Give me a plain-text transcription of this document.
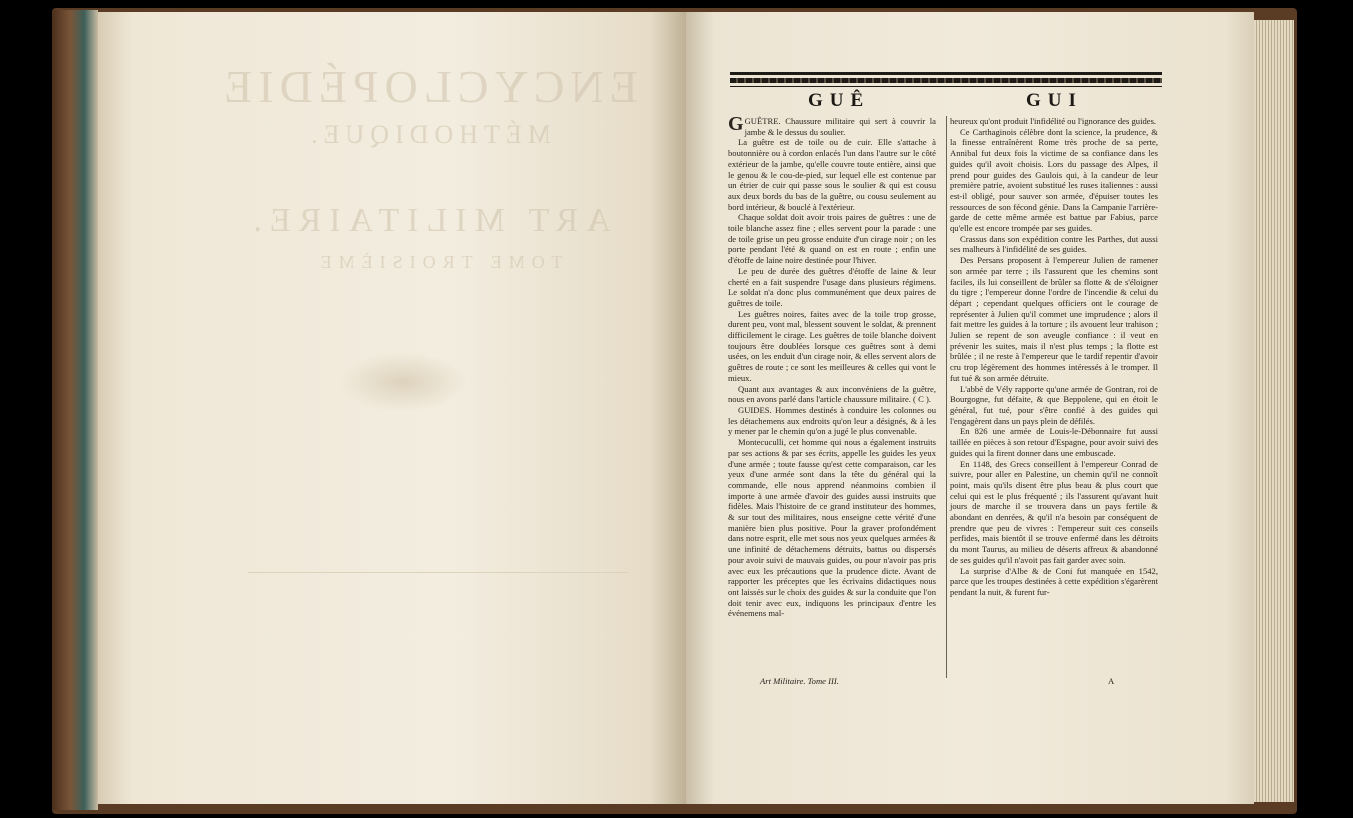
ENCYCLOPÉDIE
MÉTHODIQUE.
ART MILITAIRE.
TOME TROISIÈME
GUÊ	GUI

GGUÊTRE. Chaussure militaire qui sert à couvrir la jambe & le dessus du soulier.

La guêtre est de toile ou de cuir. Elle s'attache à boutonnière ou à cordon enlacés l'un dans l'autre sur le côté extérieur de la jambe, qu'elle couvre toute entière, ainsi que le genou & le cou-de-pied, sur lequel elle est contenue par un étrier de cuir qui passe sous le soulier & qui est cousu aux deux bords du bas de la guêtre, ou cousu seulement au bord intérieur, & bouclé à l'extérieur.

Chaque soldat doit avoir trois paires de guêtres : une de toile blanche assez fine ; elles servent pour la parade : une de toile grise un peu grosse enduite d'un cirage noir ; on les porte pendant l'été & quand on est en route ; enfin une d'étoffe de laine noire destinée pour l'hiver.

Le peu de durée des guêtres d'étoffe de laine & leur cherté en a fait suspendre l'usage dans plusieurs régimens. Le soldat n'a donc plus communément que deux paires de guêtres de toile.

Les guêtres noires, faites avec de la toile trop grosse, durent peu, vont mal, blessent souvent le soldat, & prennent difficilement le cirage. Les guêtres de toile blanche doivent toujours être doublées lorsque ces guêtres sont à demi usées, on les enduit d'un cirage noir, & elles servent alors de guêtres de route ; ce sont les meilleures & celles qui vont le mieux.

Quant aux avantages & aux inconvéniens de la guêtre, nous en avons parlé dans l'article chaussure militaire. ( C ).

GUIDES. Hommes destinés à conduire les colonnes ou les détachemens aux endroits qu'on leur a désignés, & à les y mener par le chemin qu'on a jugé le plus convenable.

Montecuculli, cet homme qui nous a également instruits par ses actions & par ses écrits, appelle les guides les yeux d'une armée ; toute fausse qu'est cette comparaison, car les yeux d'une armée sont dans la tête du général qui la commande, elle nous apprend néanmoins combien il importe à une armée d'avoir des guides aussi instruits que fidèles. Mais l'histoire de ce grand instituteur des hommes, & sur tout des militaires, nous enseigne cette vérité d'une manière bien plus positive. Pour la graver profondément dans notre esprit, elle met sous nos yeux quelques armées & une infinité de détachemens détruits, battus ou dispersés pour avoir suivi de mauvais guides, ou pour n'avoir pas pris avec eux les précautions que la prudence dicte. Avant de rapporter les préceptes que les écrivains didactiques nous ont laissés sur le choix des guides & sur la conduite que l'on doit tenir avec eux, indiquons les principaux d'entre les événemens mal-

heureux qu'ont produit l'infidélité ou l'ignorance des guides.

Ce Carthaginois célèbre dont la science, la prudence, & la finesse entraînèrent Rome très proche de sa perte, Annibal fut deux fois la victime de sa confiance dans les guides qu'il avoit choisis. Lors du passage des Alpes, il prend pour guides des Gaulois qui, à la candeur de leur première patrie, avoient substitué les ruses italiennes : aussi est-il obligé, pour sauver son armée, d'épuiser toutes les ressources de son fécond génie. Dans la Campanie l'arrière-garde de cette même armée est battue par Fabius, parce qu'elle est encore trompée par ses guides.

Crassus dans son expédition contre les Parthes, dut aussi ses malheurs à l'infidélité de ses guides.

Des Persans proposent à l'empereur Julien de ramener son armée par terre ; ils l'assurent que les chemins sont faciles, ils lui conseillent de brûler sa flotte & de s'éloigner du tigre ; l'empereur donne l'ordre de l'incendie & celui du départ ; cependant quelques officiers ont le courage de représenter à Julien qu'il commet une imprudence ; alors il fait mettre les guides à la torture ; ils avouent leur trahison ; Julien se repent de son aveugle confiance : il veut en prévenir les suites, mais il n'est plus temps ; la flotte est brûlée ; il ne reste à l'empereur que le tardif repentir d'avoir cru trop légèrement des hommes intéressés à le tromper. Il fut tué & son armée détruite.

L'abbé de Vély rapporte qu'une armée de Gontran, roi de Bourgogne, fut défaite, & que Beppolene, qui en étoit le général, fut tué, pour s'être confié à des guides qui l'engagèrent dans un pays plein de défilés.

En 826 une armée de Louis-le-Débonnaire fut aussi taillée en pièces à son retour d'Espagne, pour avoir suivi des guides qui la firent donner dans une embuscade.

En 1148, des Grecs conseillent à l'empereur Conrad de suivre, pour aller en Palestine, un chemin qu'il ne connoît point, mais qu'ils disent être plus beau & plus court que celui qui est le plus fréquenté ; ils l'assurent qu'avant huit jours de marche il se trouvera dans un pays fertile & abondant en denrées, & qu'il n'a besoin par conséquent de prendre que peu de vivres : l'empereur suit ces conseils perfides, mais bientôt il se trouve enfermé dans les détroits du mont Taurus, au milieu de déserts affreux & abandonné de ses guides qu'il n'avoit pas fait garder avec soin.

La surprise d'Albe & de Coni fut manquée en 1542, parce que les troupes destinées à cette expédition s'égarèrent pendant la nuit, & furent fur-

Art Militaire. Tome III.	A
